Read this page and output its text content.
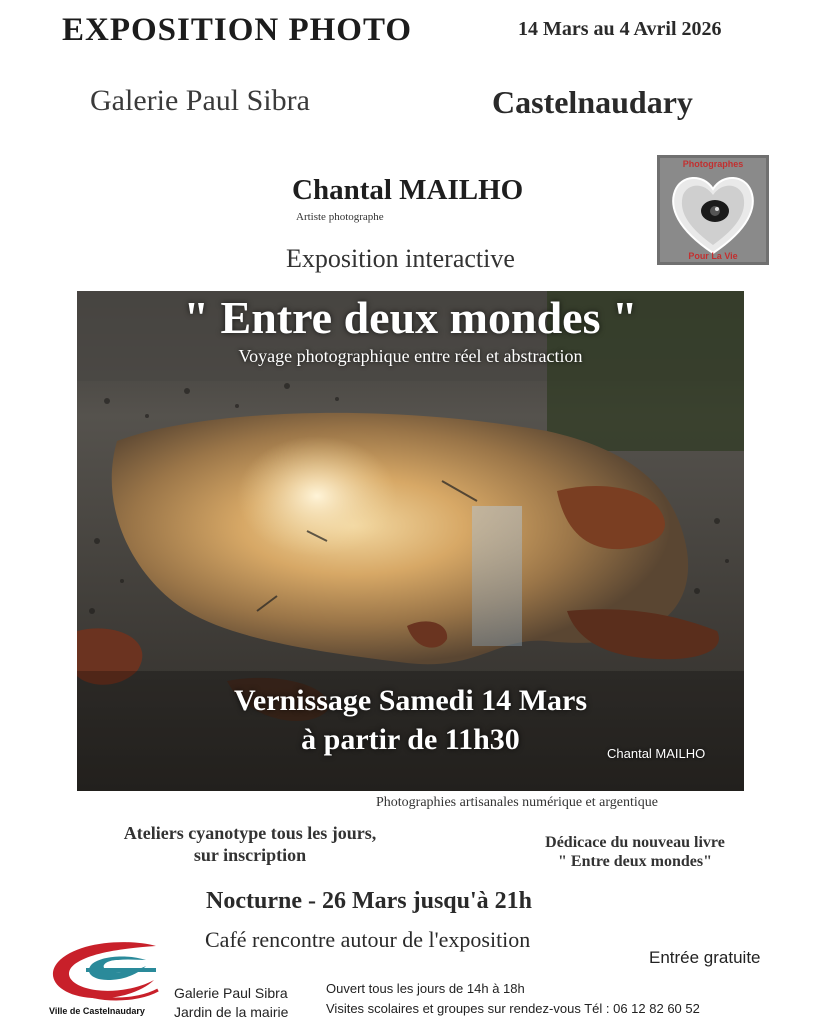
EXPOSITION PHOTO	14 Mars au 4 Avril 2026
Galerie Paul Sibra	Castelnaudary
Chantal MAILHO
Artiste photographe
Exposition interactive
Photographes
Pour La Vie
" Entre deux mondes "
Voyage photographique entre réel et abstraction
Vernissage Samedi 14 Mars
à partir de 11h30	Chantal MAILHO
Photographies artisanales numérique et argentique
Ateliers cyanotype tous les jours,
sur inscription
Dédicace du nouveau livre
" Entre deux mondes"
Nocturne - 26 Mars jusqu'à 21h
Café rencontre autour de l'exposition
Entrée gratuite
Ville de Castelnaudary
Galerie Paul Sibra
Jardin de la mairie
Ouvert tous les jours de 14h à 18h
Visites scolaires et groupes sur rendez-vous Tél : 06 12 82 60 52
